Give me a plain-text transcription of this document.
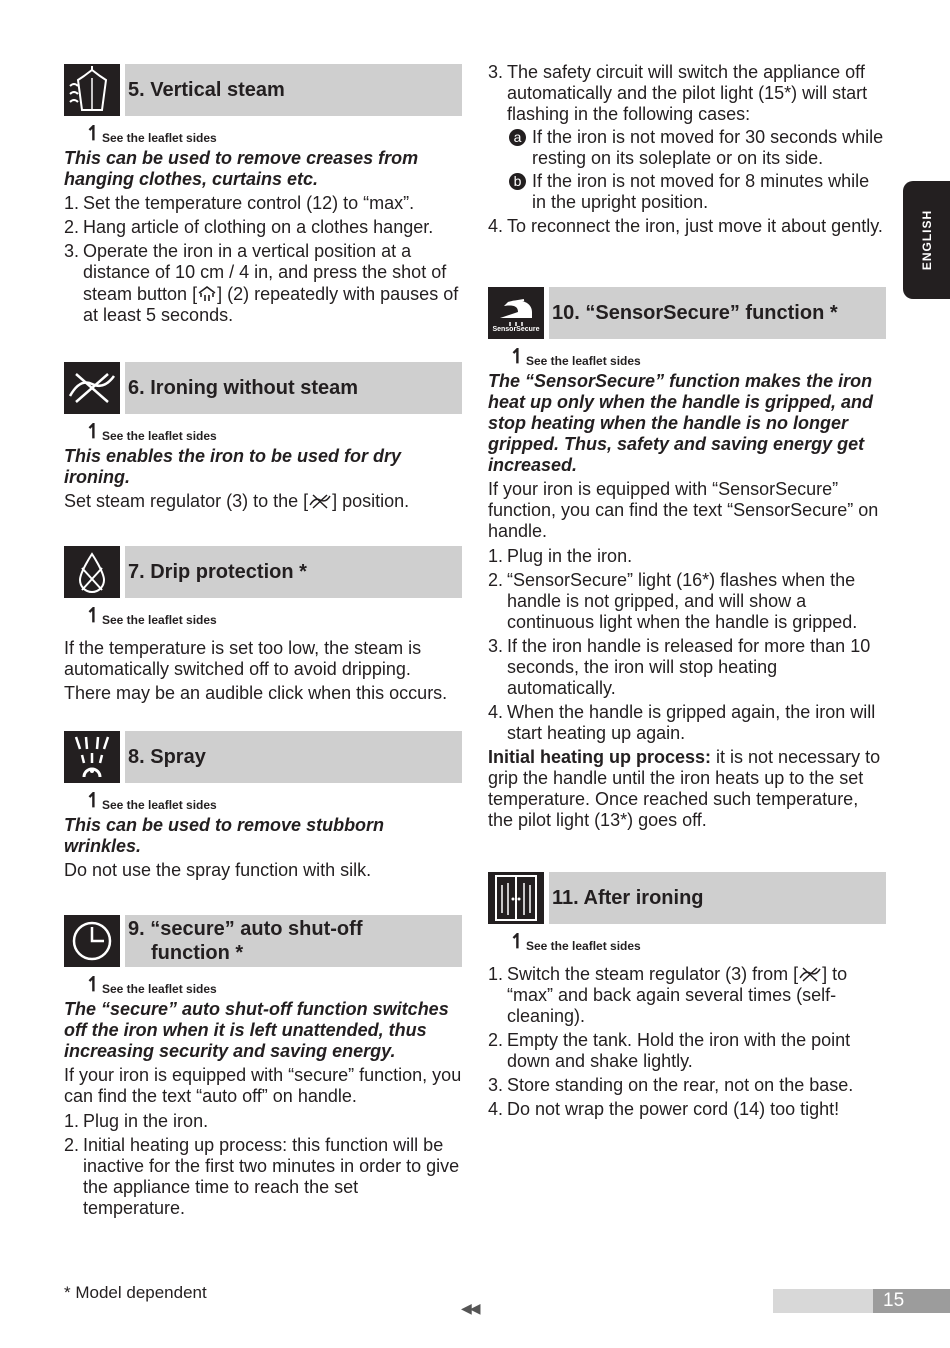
ENGLISH
5. Vertical steam
↿ See the leaflet sides
This can be used to remove creases from hanging clothes, curtains etc.
1. Set the temperature control (12) to “max”.
2. Hang article of clothing on a clothes hanger.
3. Operate the iron in a vertical position at a distance of 10 cm / 4 in, and press the shot of steam button [ ] (2) repeatedly with pauses of at least 5 seconds.
6. Ironing without steam
↿ See the leaflet sides
This enables the iron to be used for dry ironing.

Set steam regulator (3) to the [ ] position.

7. Drip protection *
↿ See the leaflet sides

If the temperature is set too low, the steam is automatically switched off to avoid dripping.

There may be an audible click when this occurs.

8. Spray
↿ See the leaflet sides
This can be used to remove stubborn wrinkles.

Do not use the spray function with silk.

9. “secure” auto shut-off
function *
↿ See the leaflet sides
The “secure” auto shut-off function switches off the iron when it is left unattended, thus increasing security and saving energy.

If your iron is equipped with “secure” function, you can find the text “auto off” on handle.

1. Plug in the iron.
2. Initial heating up process: this function will be inactive for the first two minutes in order to give the appliance time to reach the set temperature.
3. The safety circuit will switch the appliance off automatically and the pilot light (15*) will start flashing in the following cases:
a If the iron is not moved for 30 seconds while resting on its soleplate or on its side.
b If the iron is not moved for 8 minutes while in the upright position.
4. To reconnect the iron, just move it about gently.
SensorSecure
10. “SensorSecure” function *
↿ See the leaflet sides
The “SensorSecure” function makes the iron heat up only when the handle is gripped, and stop heating when the handle is no longer gripped. Thus, safety and saving energy get increased.

If your iron is equipped with “SensorSecure” function, you can find the text “SensorSecure” on handle.

1. Plug in the iron.
2. “SensorSecure” light (16*) flashes when the handle is not gripped, and will show a continuous light when the handle is gripped.
3. If the iron handle is released for more than 10 seconds, the iron will stop heating automatically.
4. When the handle is gripped again, the iron will start heating up again.

Initial heating up process: it is not necessary to grip the handle until the iron heats up to the set temperature. Once reached such temperature, the pilot light (13*) goes off.

11. After ironing
↿ See the leaflet sides
1. Switch the steam regulator (3) from [ ] to “max” and back again several times (self-cleaning).
2. Empty the tank. Hold the iron with the point down and shake lightly.
3. Store standing on the rear, not on the base.
4. Do not wrap the power cord (14) too tight!
* Model dependent
◀◀	15
